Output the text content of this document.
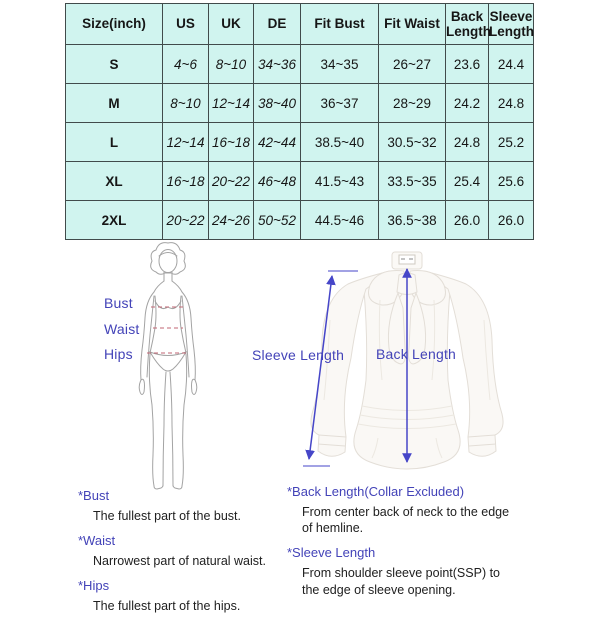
Size(inch)	US	UK	DE	Fit Bust	Fit Waist	Back Length	Sleeve Length
S	4~6	8~10	34~36	34~35	26~27	23.6	24.4
M	8~10	12~14	38~40	36~37	28~29	24.2	24.8
L	12~14	16~18	42~44	38.5~40	30.5~32	24.8	25.2
XL	16~18	20~22	46~48	41.5~43	33.5~35	25.4	25.6
2XL	20~22	24~26	50~52	44.5~46	36.5~38	26.0	26.0
Bust
Waist
Hips	Sleeve Length Back Length

*Bust

The fullest part of the bust.

*Waist

Narrowest part of natural waist.

*Hips

The fullest part of the hips.

*Back Length(Collar Excluded)

From center back of neck to the edge of hemline.

*Sleeve Length

From shoulder sleeve point(SSP) to the edge of sleeve opening.
